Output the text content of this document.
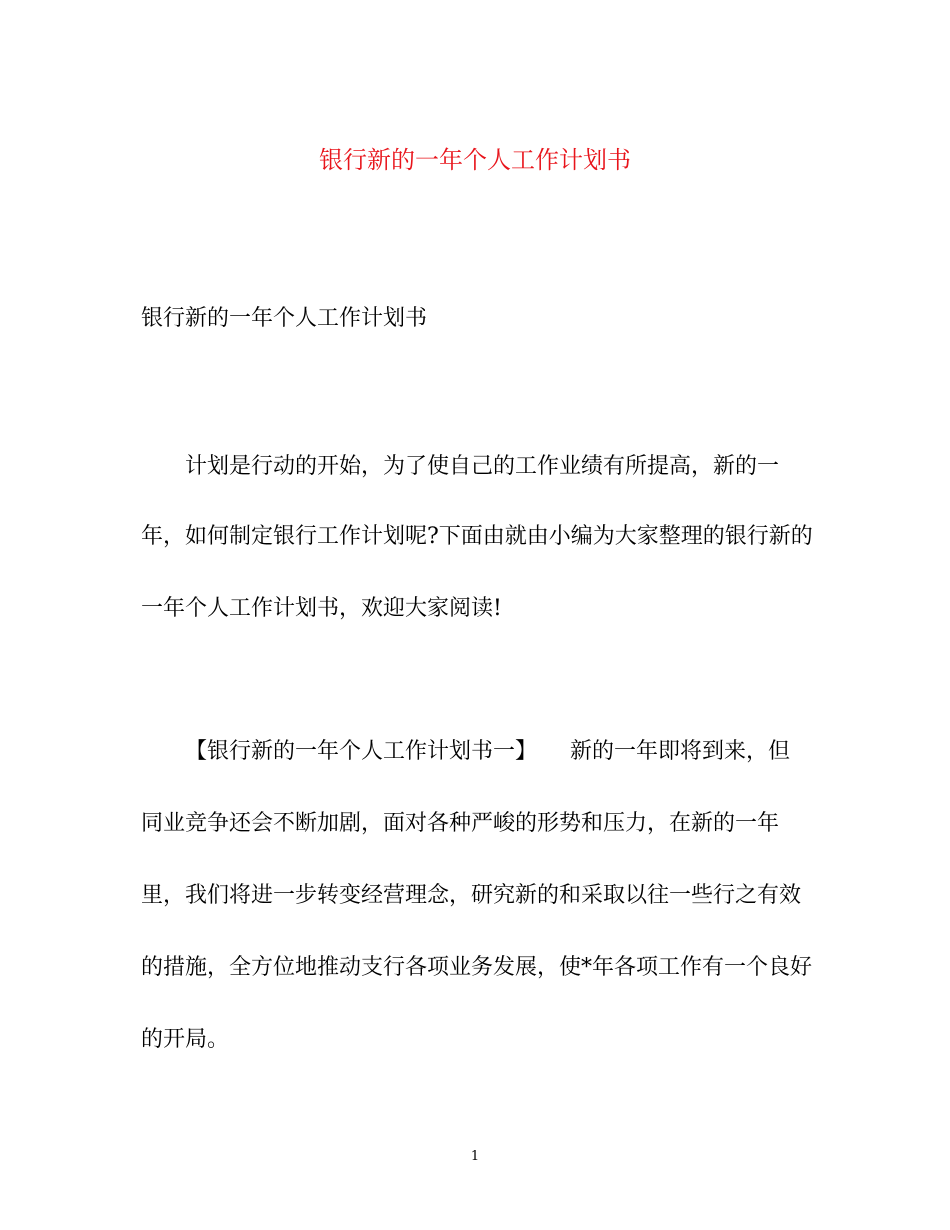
银行新的一年个人工作计划书
银行新的一年个人工作计划书
计划是行动的开始，为了使自己的工作业绩有所提高，新的一
年，如何制定银行工作计划呢?下面由就由小编为大家整理的银行新的
一年个人工作计划书，欢迎大家阅读!
【银行新的一年个人工作计划书一】　　新的一年即将到来，但
同业竞争还会不断加剧，面对各种严峻的形势和压力，在新的一年
里，我们将进一步转变经营理念，研究新的和采取以往一些行之有效
的措施，全方位地推动支行各项业务发展，使*年各项工作有一个良好
的开局。
1
